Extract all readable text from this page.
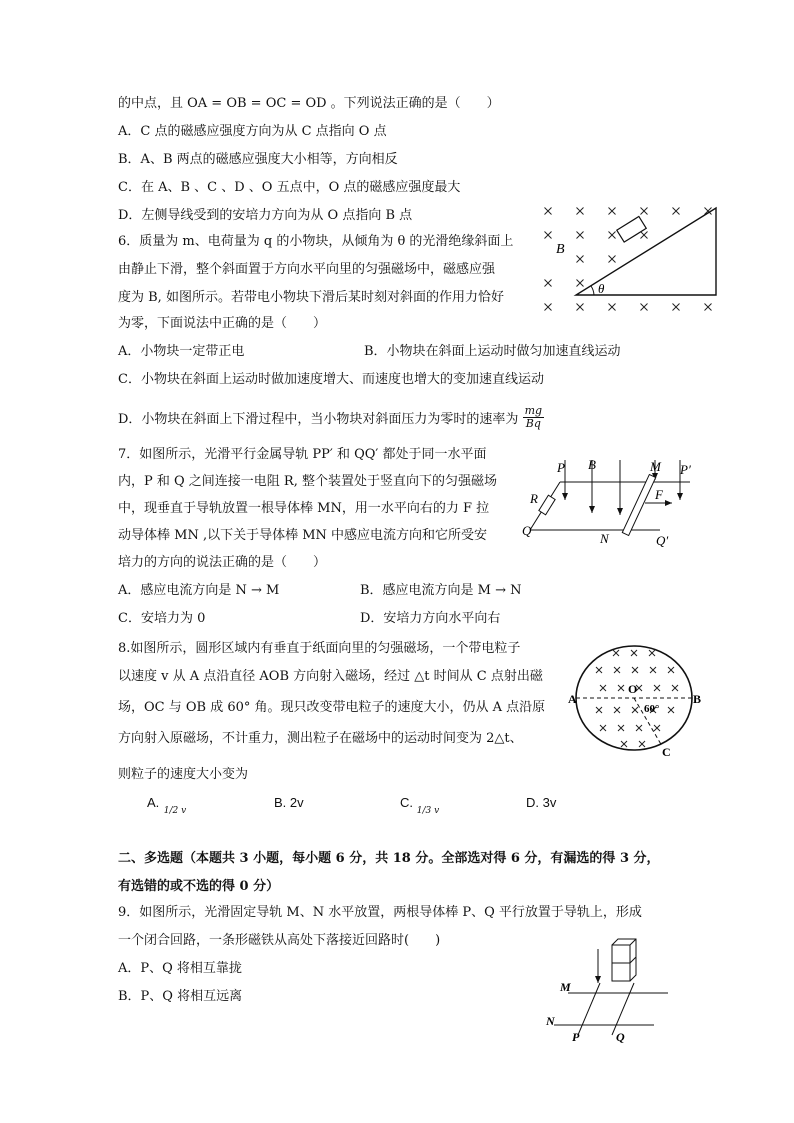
的中点，且 OA = OB = OC = OD 。下列说法正确的是（　　）
A．C 点的磁感应强度方向为从 C 点指向 O 点
B．A、B 两点的磁感应强度大小相等，方向相反
C．在 A、B 、C 、D 、O 五点中，O 点的磁感应强度最大
D．左侧导线受到的安培力方向为从 O 点指向 B 点
6．质量为 m、电荷量为 q 的小物块，从倾角为 θ 的光滑绝缘斜面上
由静止下滑，整个斜面置于方向水平向里的匀强磁场中，磁感应强
度为 B, 如图所示。若带电小物块下滑后某时刻对斜面的作用力恰好
为零，下面说法中正确的是（　　）
A．小物块一定带正电	B．小物块在斜面上运动时做匀加速直线运动
C．小物块在斜面上运动时做加速度增大、而速度也增大的变加速直线运动
D．小物块在斜面上下滑过程中，当小物块对斜面压力为零时的速率为 $\frac{mg}{Bq}$
7．如图所示，光滑平行金属导轨 PP′ 和 QQ′ 都处于同一水平面
内，P 和 Q 之间连接一电阻 R, 整个装置处于竖直向下的匀强磁场
中，现垂直于导轨放置一根导体棒 MN，用一水平向右的力 F 拉
动导体棒 MN ,以下关于导体棒 MN 中感应电流方向和它所受安
培力的方向的说法正确的是（　　）
A．感应电流方向是 N → M	B．感应电流方向是 M → N
C．安培力为 0	D．安培力方向水平向右
8.如图所示，圆形区域内有垂直于纸面向里的匀强磁场，一个带电粒子
以速度 v 从 A 点沿直径 AOB 方向射入磁场，经过 △t 时间从 C 点射出磁
场，OC 与 OB 成 60° 角。现只改变带电粒子的速度大小，仍从 A 点沿原
方向射入原磁场，不计重力，测出粒子在磁场中的运动时间变为 2△t、
则粒子的速度大小变为
A.
1/2 v
B. 2v	C.
1/3 v
D. 3v
二、多选题（本题共 3 小题，每小题 6 分，共 18 分。全部选对得 6 分，有漏选的得 3 分，
有选错的或不选的得 0 分）
9．如图所示，光滑固定导轨 M、N 水平放置，两根导体棒 P、Q 平行放置于导轨上，形成
一个闭合回路，一条形磁铁从高处下落接近回路时(　　)
A．P、Q 将相互靠拢
B．P、Q 将相互远离
B
θ
P B	M P′
R	F
Q
N	Q′
A
O
B
C
60°
M
N
P	Q
